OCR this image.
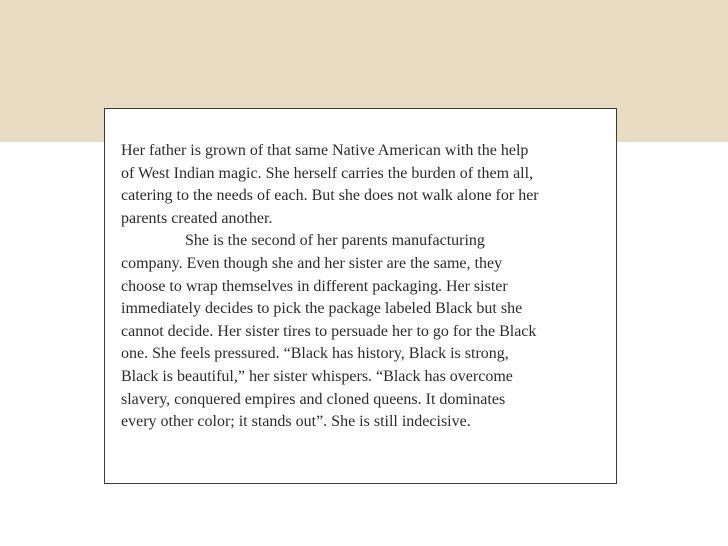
Her father is grown of that same Native American with the help
of West Indian magic. She herself carries the burden of them all,
catering to the needs of each. But she does not walk alone for her
parents created another.

She is the second of her parents manufacturing
company. Even though she and her sister are the same, they
choose to wrap themselves in different packaging. Her sister
immediately decides to pick the package labeled Black but she
cannot decide. Her sister tires to persuade her to go for the Black
one. She feels pressured. “Black has history, Black is strong,
Black is beautiful,” her sister whispers. “Black has overcome
slavery, conquered empires and cloned queens. It dominates
every other color; it stands out”. She is still indecisive.
